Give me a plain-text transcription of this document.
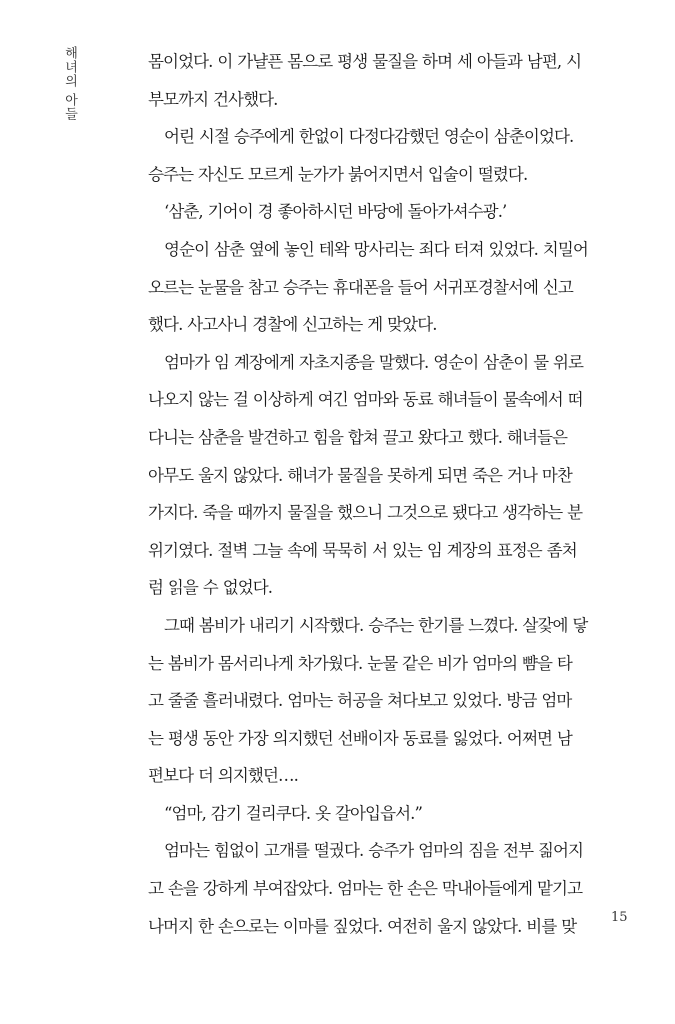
해녀의 아들	몸이었다. 이 가냘픈 몸으로 평생 물질을 하며 세 아들과 남편, 시
부모까지 건사했다.
어린 시절 승주에게 한없이 다정다감했던 영순이 삼춘이었다.
승주는 자신도 모르게 눈가가 붉어지면서 입술이 떨렸다.
‘삼춘, 기어이 경 좋아하시던 바당에 돌아가셔수광.’
영순이 삼춘 옆에 놓인 테왁 망사리는 죄다 터져 있었다. 치밀어
오르는 눈물을 참고 승주는 휴대폰을 들어 서귀포경찰서에 신고
했다. 사고사니 경찰에 신고하는 게 맞았다.
엄마가 임 계장에게 자초지종을 말했다. 영순이 삼춘이 물 위로
나오지 않는 걸 이상하게 여긴 엄마와 동료 해녀들이 물속에서 떠
다니는 삼춘을 발견하고 힘을 합쳐 끌고 왔다고 했다. 해녀들은
아무도 울지 않았다. 해녀가 물질을 못하게 되면 죽은 거나 마찬
가지다. 죽을 때까지 물질을 했으니 그것으로 됐다고 생각하는 분
위기였다. 절벽 그늘 속에 묵묵히 서 있는 임 계장의 표정은 좀처
럼 읽을 수 없었다.
그때 봄비가 내리기 시작했다. 승주는 한기를 느꼈다. 살갗에 닿
는 봄비가 몸서리나게 차가웠다. 눈물 같은 비가 엄마의 뺨을 타
고 줄줄 흘러내렸다. 엄마는 허공을 쳐다보고 있었다. 방금 엄마
는 평생 동안 가장 의지했던 선배이자 동료를 잃었다. 어쩌면 남
편보다 더 의지했던….
“엄마, 감기 걸리쿠다. 옷 갈아입읍서.”
엄마는 힘없이 고개를 떨궜다. 승주가 엄마의 짐을 전부 짊어지
고 손을 강하게 부여잡았다. 엄마는 한 손은 막내아들에게 맡기고
나머지 한 손으로는 이마를 짚었다. 여전히 울지 않았다. 비를 맞	15
